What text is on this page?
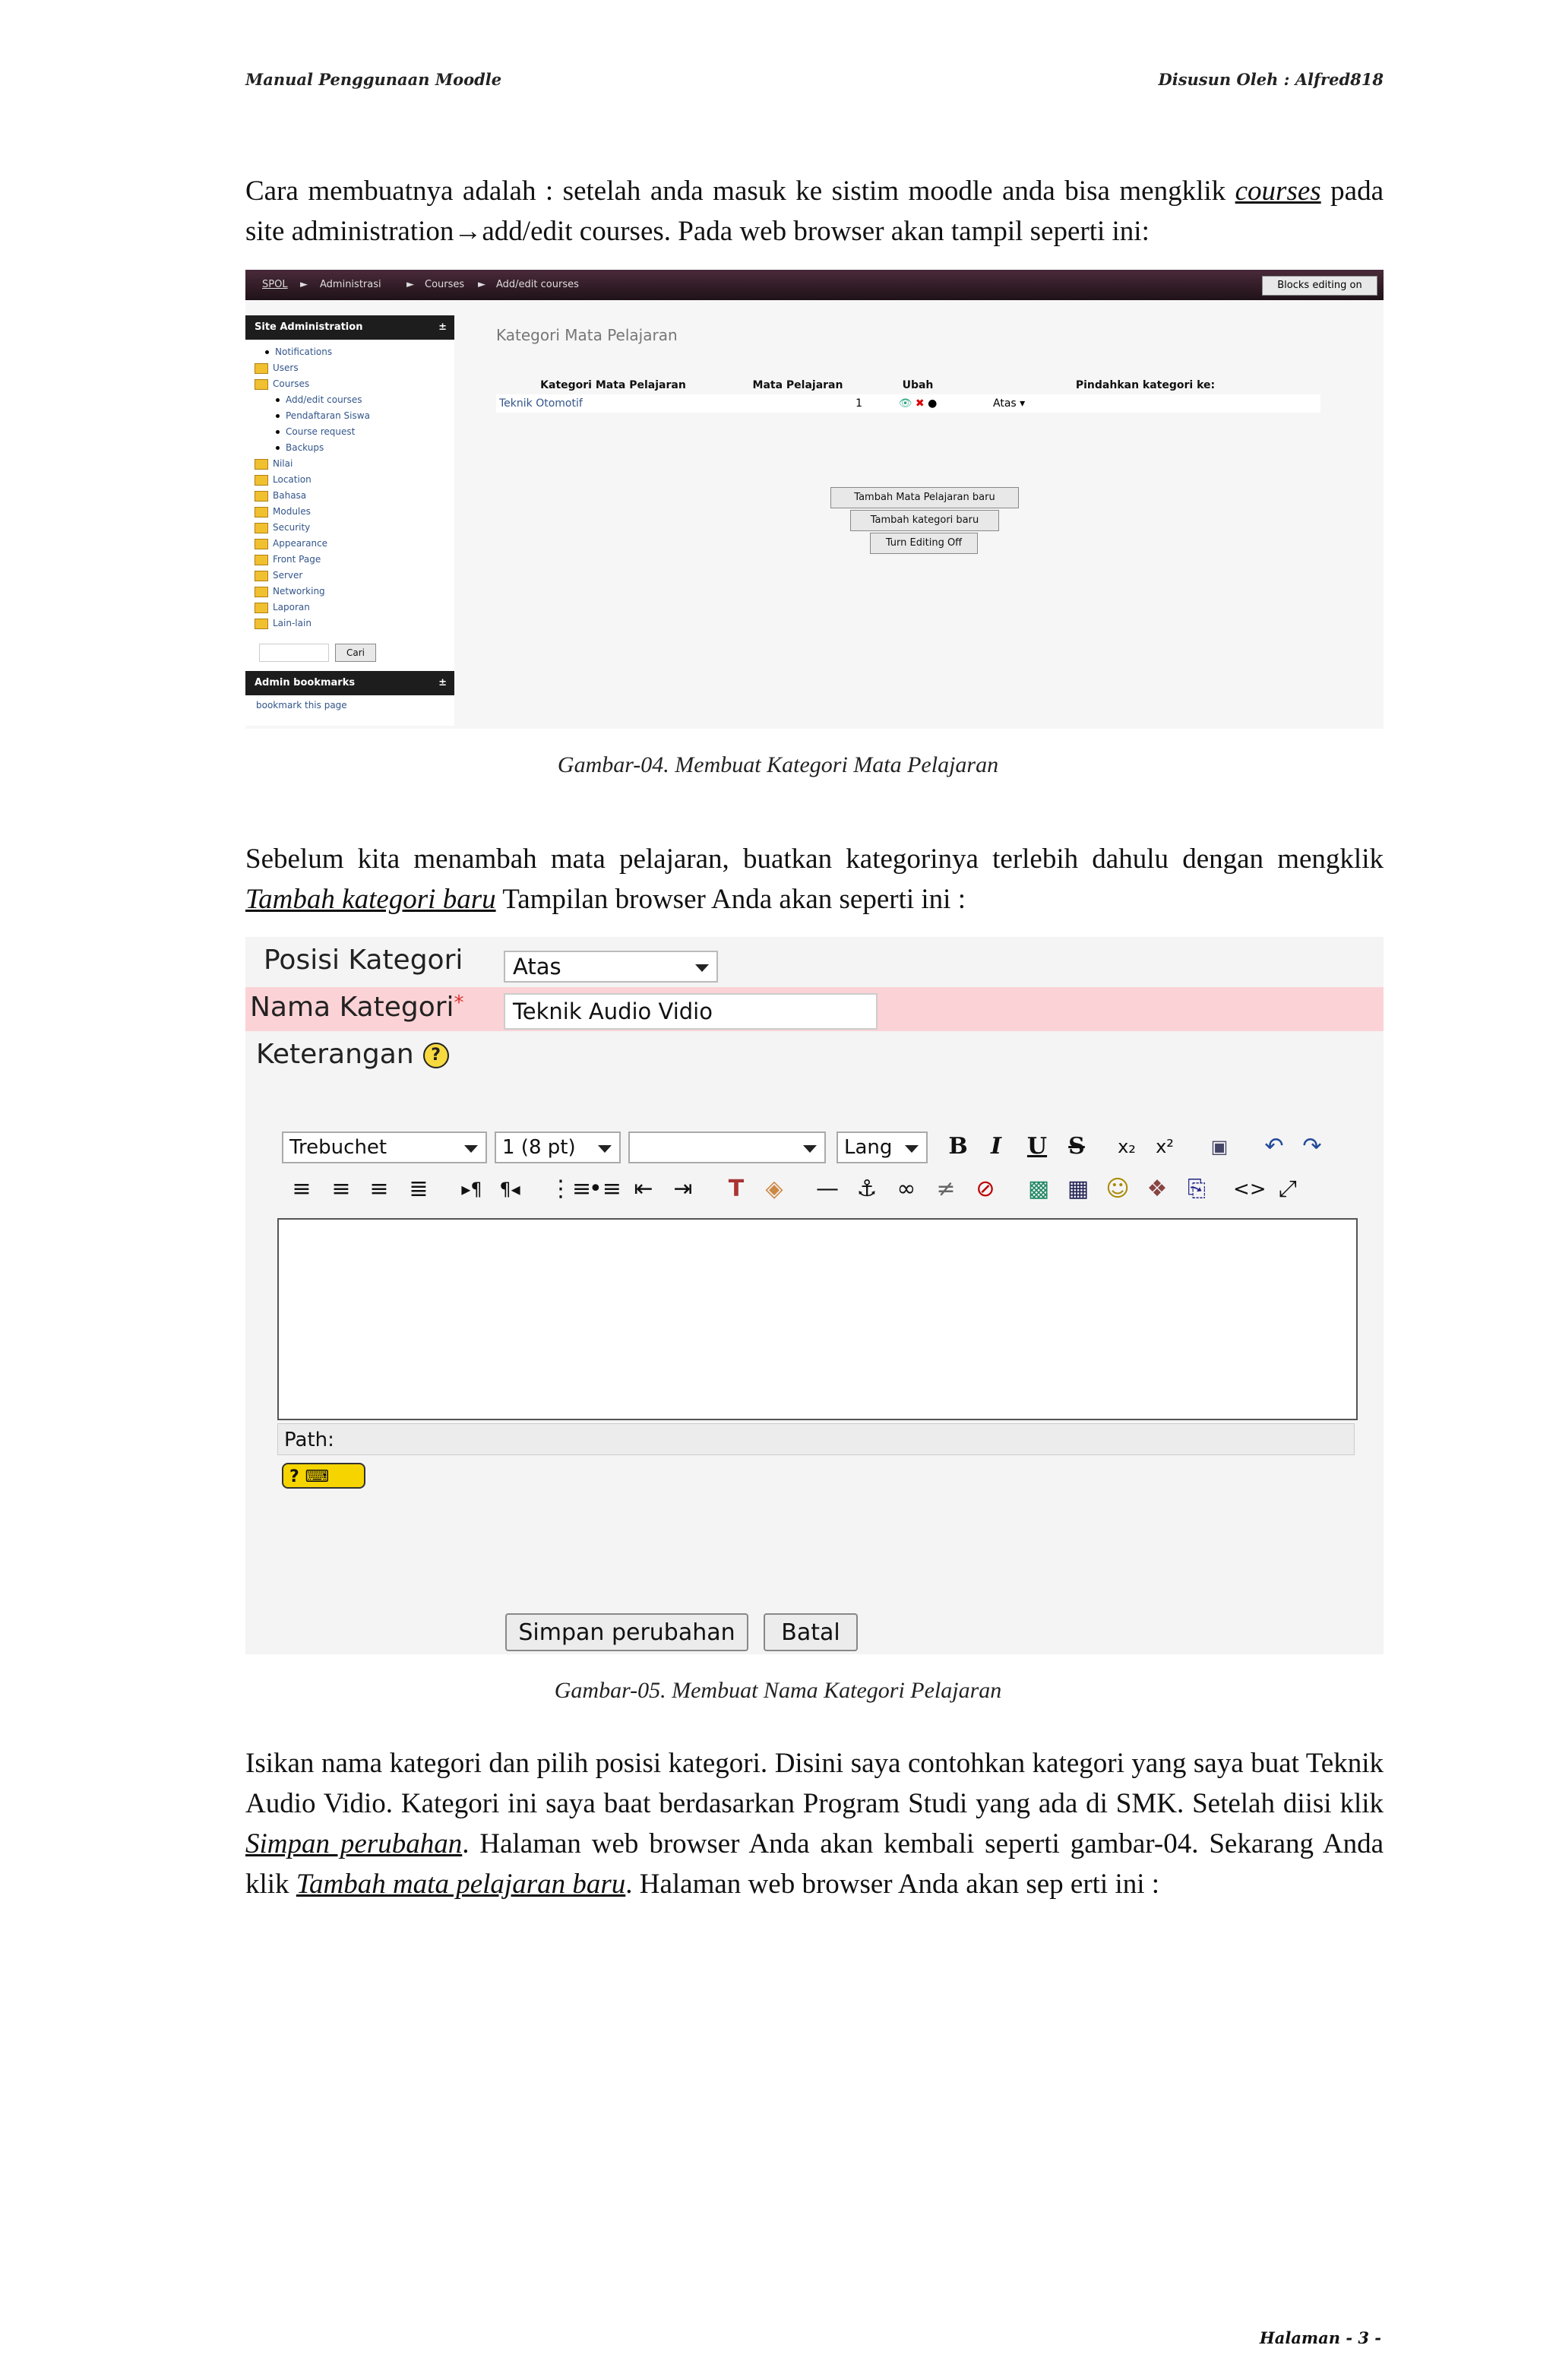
Manual Penggunaan Moodle	Disusun Oleh : Alfred818

Cara membuatnya adalah : setelah anda masuk ke sistim moodle anda bisa mengklik courses pada site administration→add/edit courses. Pada web browser akan tampil seperti ini:

SPOL ► Administrasi	► Courses ► Add/edit courses	Blocks editing on
Site Administration	±
Notifications
Users
Courses
Add/edit courses
Pendaftaran Siswa
Course request
Backups
Nilai
Location
Bahasa
Modules
Security
Appearance
Front Page
Server
Networking
Laporan
Lain-lain
Cari
Admin bookmarks	±
bookmark this page
Kategori Mata Pelajaran
Kategori Mata Pelajaran	Mata Pelajaran	Ubah	Pindahkan kategori ke:
Teknik Otomotif	1	👁 ✖ ●	Atas ▾
Tambah Mata Pelajaran baru
Tambah kategori baru
Turn Editing Off
Gambar-04. Membuat Kategori Mata Pelajaran

Sebelum kita menambah mata pelajaran, buatkan kategorinya terlebih dahulu dengan mengklik Tambah kategori baru Tampilan browser Anda akan seperti ini :

Posisi Kategori	Atas
Nama Kategori*	Teknik Audio Vidio
Keterangan ?
Trebuchet	1 (8 pt)	Lang	B	I	U S	x₂	x²	▣ ↶ ↷
≡ ≡ ≡ ≣	▸¶ ¶◂ ⋮≡
•≡ ⇤ ⇥	T ◈ — ⚓ ∞ ≠ ⊘ ▩ ▦ ☺ ❖ ⎘	<> ⤢
Path:
? ⌨
Simpan perubahan	Batal
Gambar-05. Membuat Nama Kategori Pelajaran

Isikan nama kategori dan pilih posisi kategori. Disini saya contohkan kategori yang saya buat Teknik Audio Vidio. Kategori ini saya baat berdasarkan Program Studi yang ada di SMK. Setelah diisi klik Simpan perubahan. Halaman web browser Anda akan kembali seperti gambar-04. Sekarang Anda klik Tambah mata pelajaran baru. Halaman web browser Anda akan sep erti ini :

Halaman - 3 -
